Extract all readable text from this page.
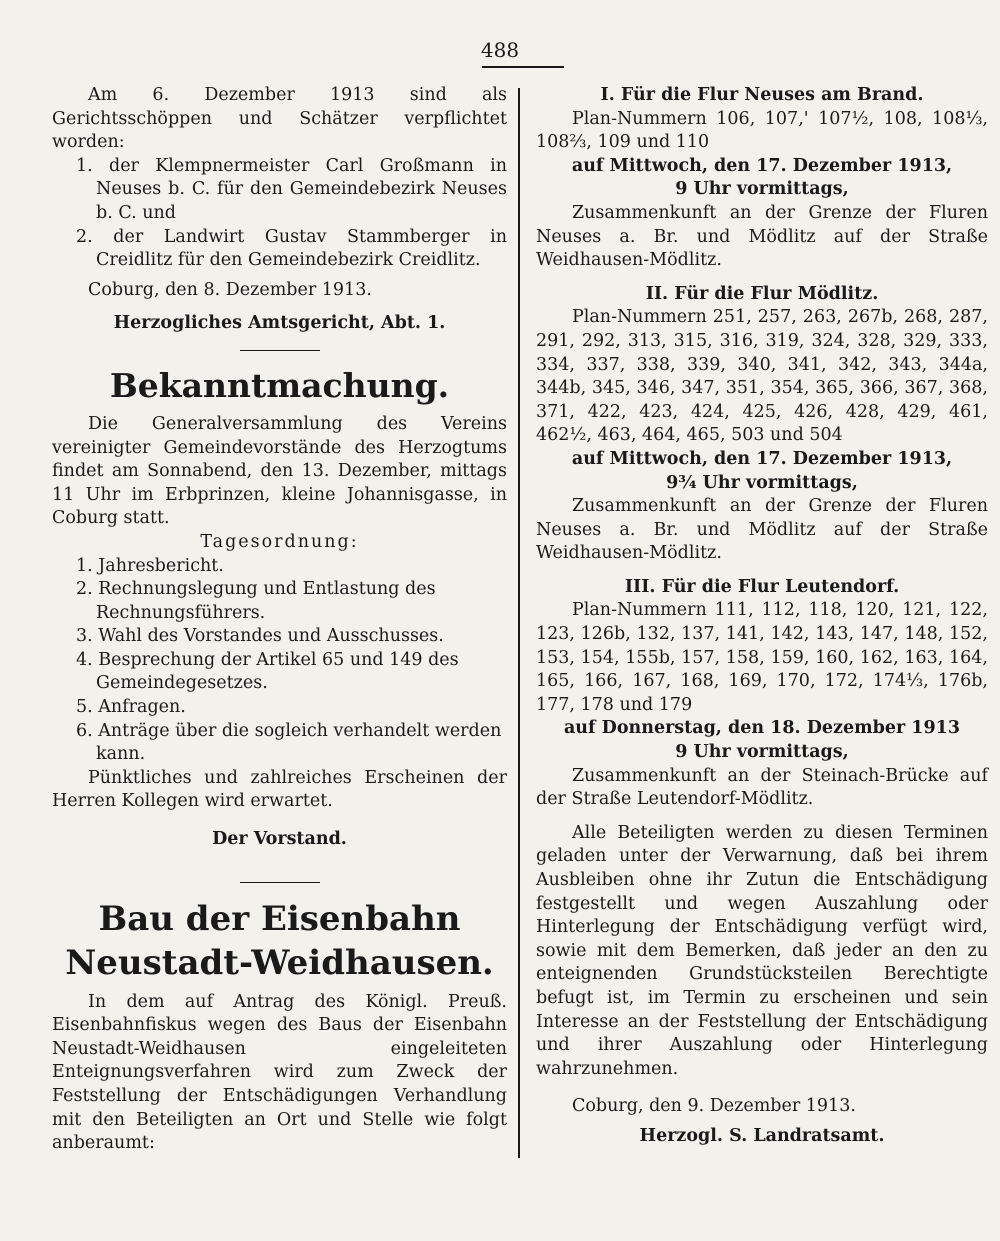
488

Am 6. Dezember 1913 sind als Gerichtsschöppen und Schätzer verpflichtet worden:

1. der Klempnermeister Carl Großmann in Neuses b. C. für den Gemeindebezirk Neuses b. C. und

2. der Landwirt Gustav Stammberger in Creidlitz für den Gemeindebezirk Creidlitz.

Coburg, den 8. Dezember 1913.

Herzogliches Amtsgericht, Abt. 1.

Bekanntmachung.

Die Generalversammlung des Vereins vereinigter Gemeindevorstände des Herzogtums findet am Sonnabend, den 13. Dezember, mittags 11 Uhr im Erbprinzen, kleine Johannisgasse, in Coburg statt.

Tagesordnung:

1. Jahresbericht.

2. Rechnungslegung und Entlastung des Rechnungsführers.

3. Wahl des Vorstandes und Ausschusses.

4. Besprechung der Artikel 65 und 149 des Gemeindegesetzes.

5. Anfragen.

6. Anträge über die sogleich verhandelt werden kann.

Pünktliches und zahlreiches Erscheinen der Herren Kollegen wird erwartet.

Der Vorstand.

Bau der Eisenbahn
Neustadt-Weidhausen.

In dem auf Antrag des Königl. Preuß. Eisenbahnfiskus wegen des Baus der Eisenbahn Neustadt-Weidhausen eingeleiteten Enteignungsverfahren wird zum Zweck der Feststellung der Entschädigungen Verhandlung mit den Beteiligten an Ort und Stelle wie folgt anberaumt:

I. Für die Flur Neuses am Brand.

Plan-Nummern 106, 107,' 107½, 108, 108⅓, 108⅔, 109 und 110

auf Mittwoch, den 17. Dezember 1913,

9 Uhr vormittags,

Zusammenkunft an der Grenze der Fluren Neuses a. Br. und Mödlitz auf der Straße Weidhausen-Mödlitz.

II. Für die Flur Mödlitz.

Plan-Nummern 251, 257, 263, 267b, 268, 287, 291, 292, 313, 315, 316, 319, 324, 328, 329, 333, 334, 337, 338, 339, 340, 341, 342, 343, 344a, 344b, 345, 346, 347, 351, 354, 365, 366, 367, 368, 371, 422, 423, 424, 425, 426, 428, 429, 461, 462½, 463, 464, 465, 503 und 504

auf Mittwoch, den 17. Dezember 1913,

9¾ Uhr vormittags,

Zusammenkunft an der Grenze der Fluren Neuses a. Br. und Mödlitz auf der Straße Weidhausen-Mödlitz.

III. Für die Flur Leutendorf.

Plan-Nummern 111, 112, 118, 120, 121, 122, 123, 126b, 132, 137, 141, 142, 143, 147, 148, 152, 153, 154, 155b, 157, 158, 159, 160, 162, 163, 164, 165, 166, 167, 168, 169, 170, 172, 174⅓, 176b, 177, 178 und 179

auf Donnerstag, den 18. Dezember 1913

9 Uhr vormittags,

Zusammenkunft an der Steinach-Brücke auf der Straße Leutendorf-Mödlitz.

Alle Beteiligten werden zu diesen Terminen geladen unter der Verwarnung, daß bei ihrem Ausbleiben ohne ihr Zutun die Entschädigung festgestellt und wegen Auszahlung oder Hinterlegung der Entschädigung verfügt wird, sowie mit dem Bemerken, daß jeder an den zu enteignenden Grundstücksteilen Berechtigte befugt ist, im Termin zu erscheinen und sein Interesse an der Feststellung der Entschädigung und ihrer Auszahlung oder Hinterlegung wahrzunehmen.

Coburg, den 9. Dezember 1913.

Herzogl. S. Landratsamt.
